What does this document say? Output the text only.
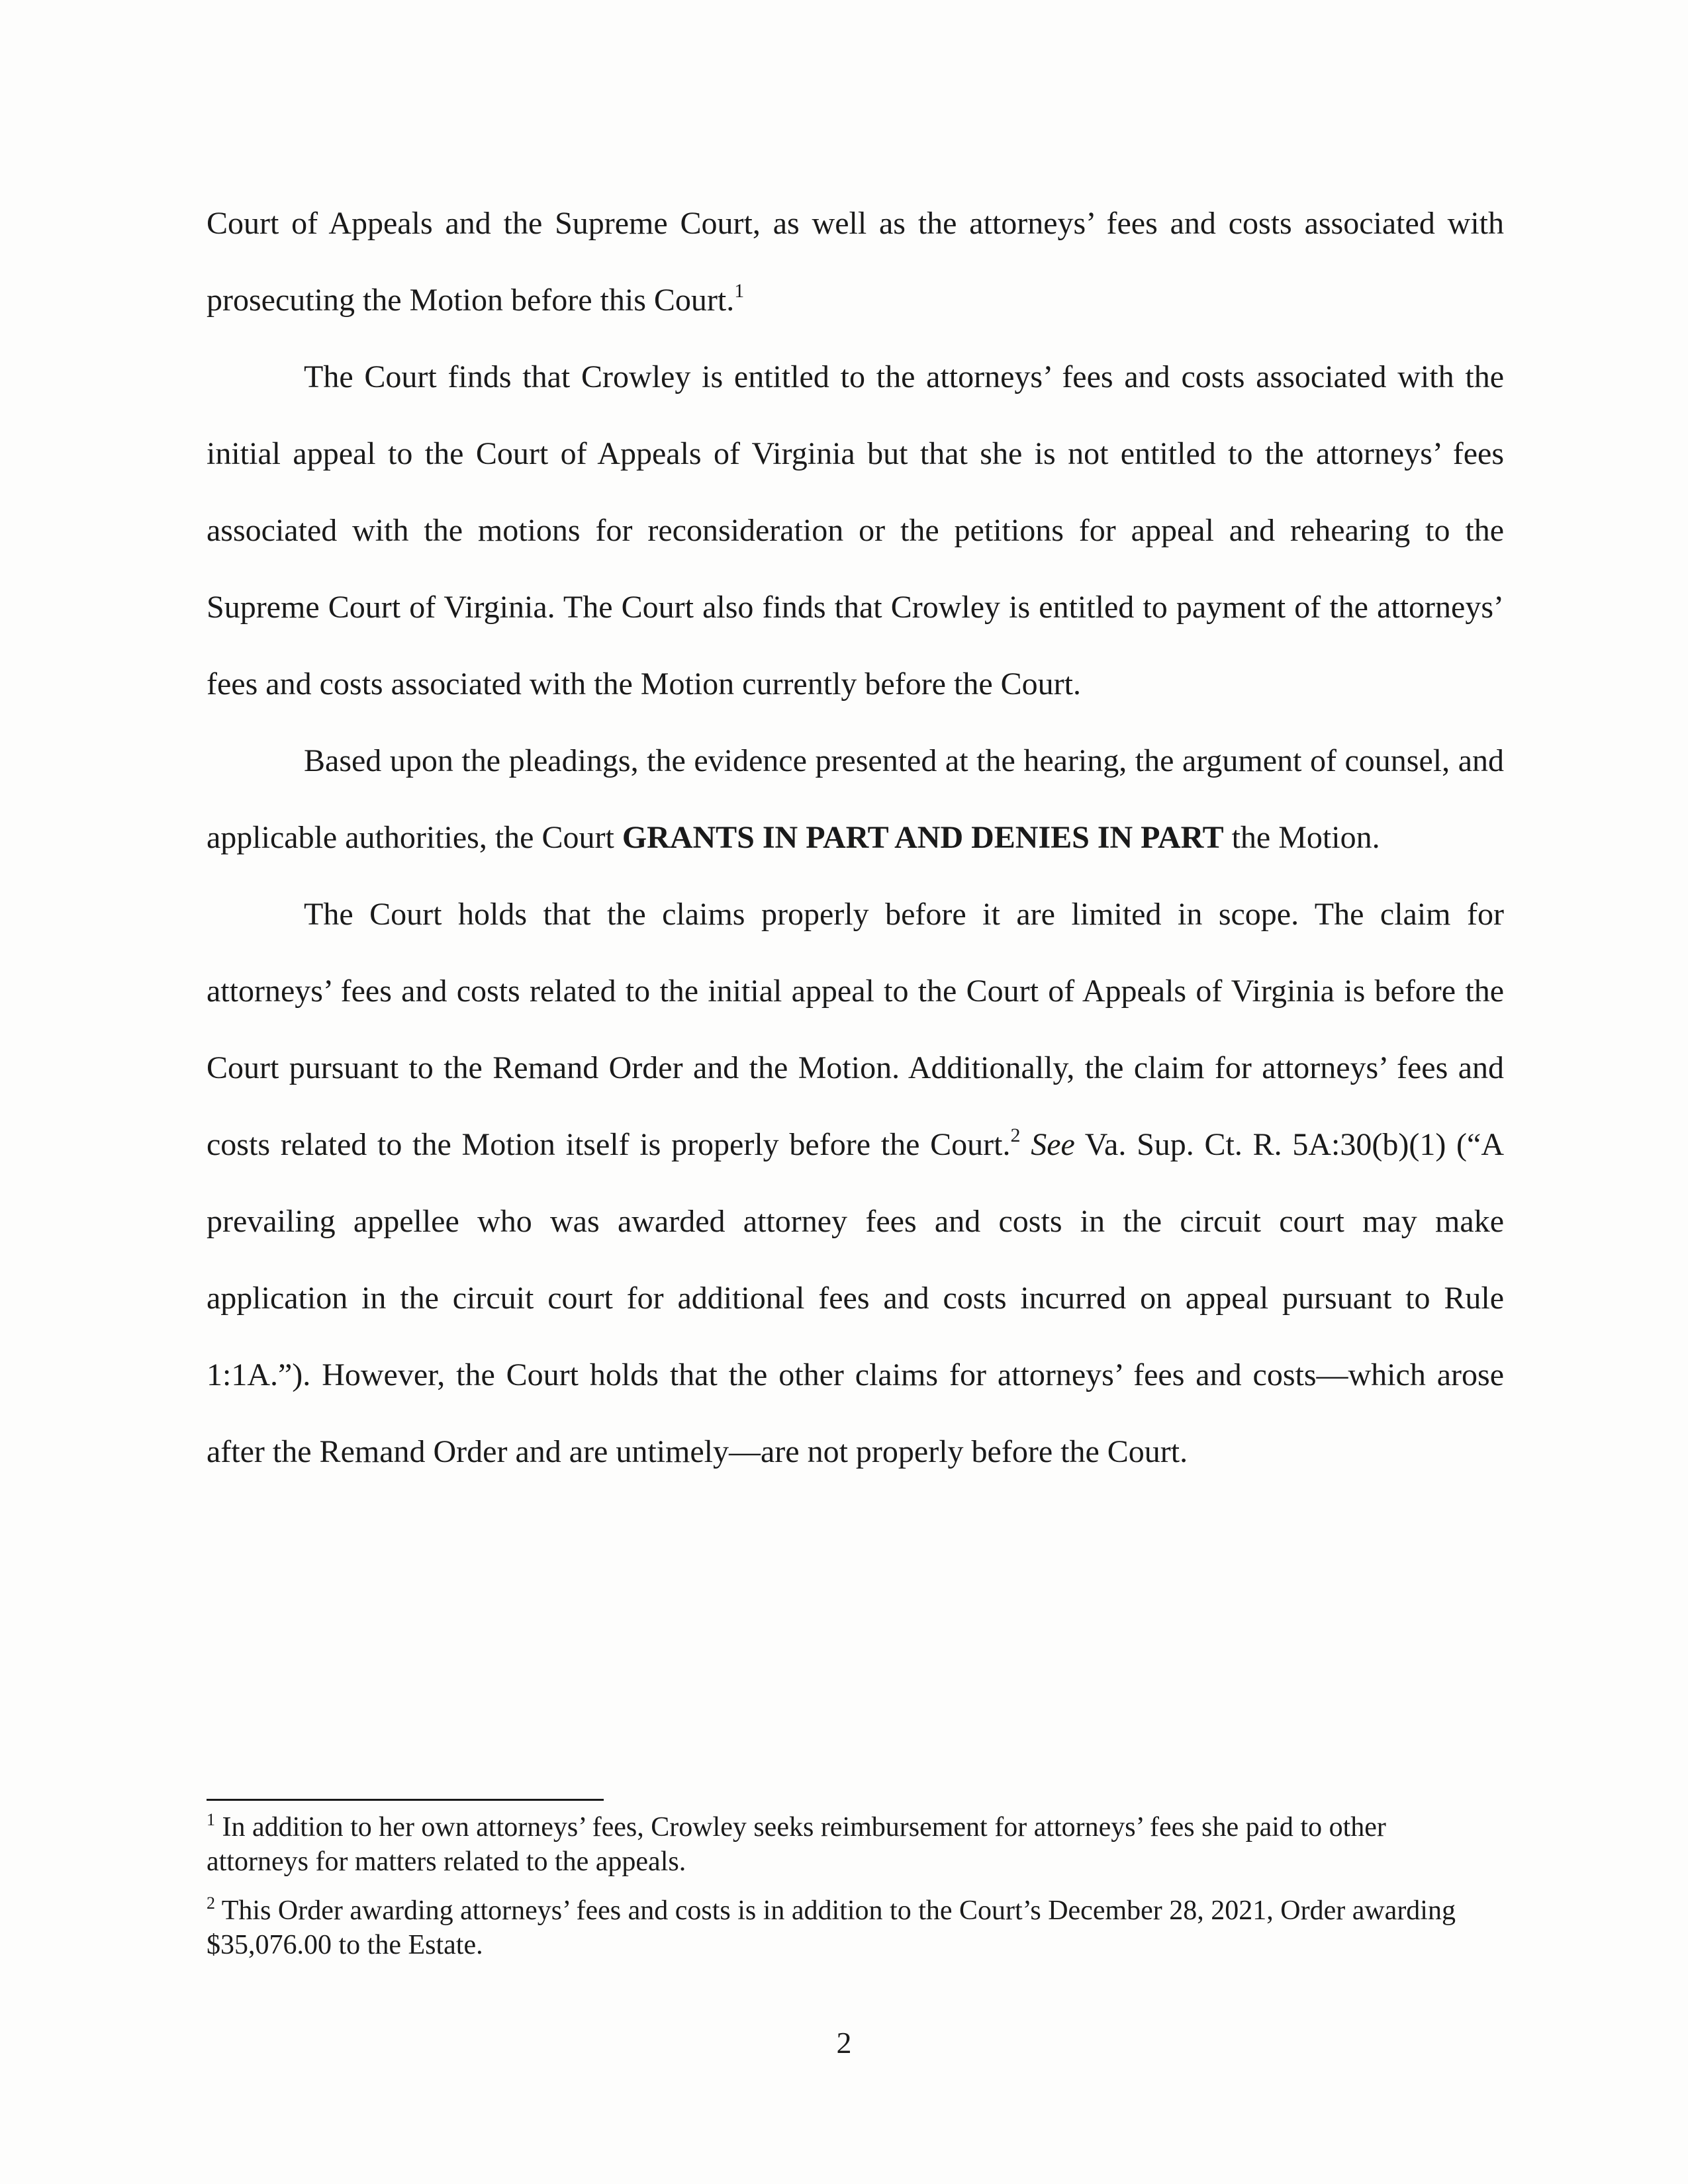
Court of Appeals and the Supreme Court, as well as the attorneys’ fees and costs associated with prosecuting the Motion before this Court.$^1$

The Court finds that Crowley is entitled to the attorneys’ fees and costs associated with the initial appeal to the Court of Appeals of Virginia but that she is not entitled to the attorneys’ fees associated with the motions for reconsideration or the petitions for appeal and rehearing to the Supreme Court of Virginia. The Court also finds that Crowley is entitled to payment of the attorneys’ fees and costs associated with the Motion currently before the Court.

Based upon the pleadings, the evidence presented at the hearing, the argument of counsel, and applicable authorities, the Court GRANTS IN PART AND DENIES IN PART the Motion.

The Court holds that the claims properly before it are limited in scope. The claim for attorneys’ fees and costs related to the initial appeal to the Court of Appeals of Virginia is before the Court pursuant to the Remand Order and the Motion. Additionally, the claim for attorneys’ fees and costs related to the Motion itself is properly before the Court.$^2$ See Va. Sup. Ct. R. 5A:30(b)(1) (“A prevailing appellee who was awarded attorney fees and costs in the circuit court may make application in the circuit court for additional fees and costs incurred on appeal pursuant to Rule 1:1A.”). However, the Court holds that the other claims for attorneys’ fees and costs—which arose after the Remand Order and are untimely—are not properly before the Court.

$^1$ In addition to her own attorneys’ fees, Crowley seeks reimbursement for attorneys’ fees she paid to other attorneys for matters related to the appeals.

$^2$ This Order awarding attorneys’ fees and costs is in addition to the Court’s December 28, 2021, Order awarding $35,076.00 to the Estate.

2
